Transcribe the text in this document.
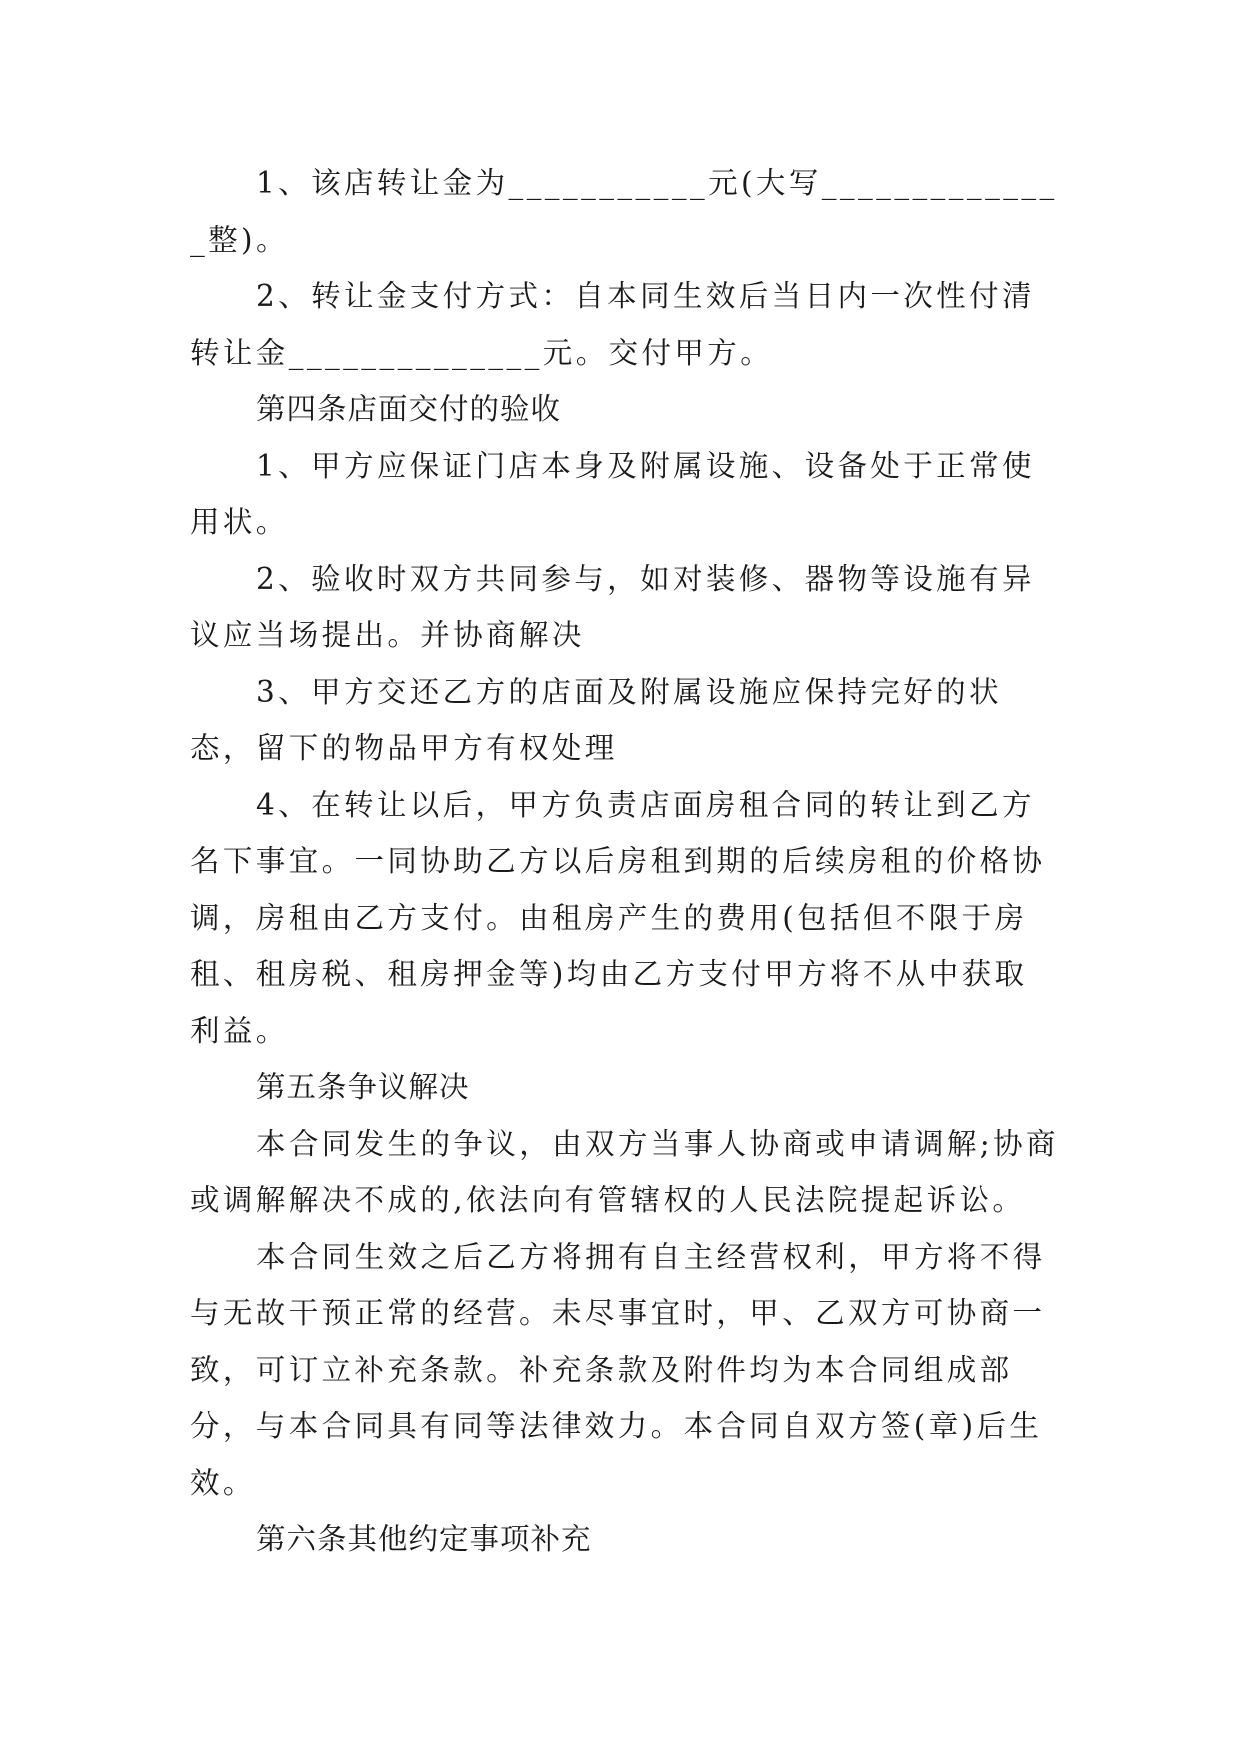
1、该店转让金为___________元(大写______________整)。

2、转让金支付方式：自本同生效后当日内一次性付清转让金______________元。交付甲方。

第四条店面交付的验收

1、甲方应保证门店本身及附属设施、设备处于正常使用状。

2、验收时双方共同参与，如对装修、器物等设施有异议应当场提出。并协商解决

3、甲方交还乙方的店面及附属设施应保持完好的状态，留下的物品甲方有权处理

4、在转让以后，甲方负责店面房租合同的转让到乙方名下事宜。一同协助乙方以后房租到期的后续房租的价格协调，房租由乙方支付。由租房产生的费用(包括但不限于房租、租房税、租房押金等)均由乙方支付甲方将不从中获取利益。

第五条争议解决

本合同发生的争议，由双方当事人协商或申请调解;协商或调解解决不成的,依法向有管辖权的人民法院提起诉讼。

本合同生效之后乙方将拥有自主经营权利，甲方将不得与无故干预正常的经营。未尽事宜时，甲、乙双方可协商一致，可订立补充条款。补充条款及附件均为本合同组成部分，与本合同具有同等法律效力。本合同自双方签(章)后生效。

第六条其他约定事项补充
